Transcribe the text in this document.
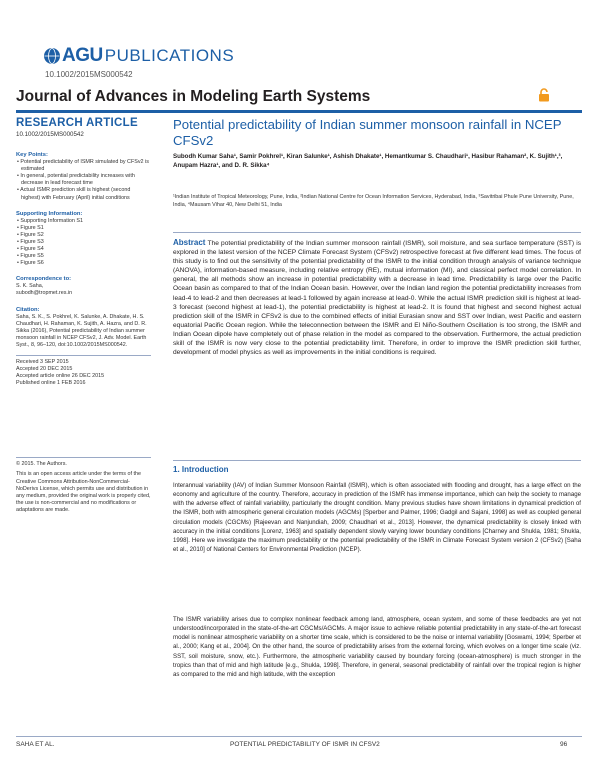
AGU PUBLICATIONS
10.1002/2015MS000542
Journal of Advances in Modeling Earth Systems
RESEARCH ARTICLE
10.1002/2015MS000542
Key Points:
• Potential predictability of ISMR simulated by CFSv2 is estimated
• In general, potential predictability increases with decrease in lead forecast time
• Actual ISMR prediction skill is highest (second highest) with February (April) initial conditions
Supporting Information:
• Supporting Information S1
• Figure S1
• Figure S2
• Figure S3
• Figure S4
• Figure S5
• Figure S6
Correspondence to:
S. K. Saha,
subodh@tropmet.res.in
Citation:
Saha, S. K., S. Pokhrel, K. Salunke, A. Dhakate, H. S. Chaudhari, H. Rahaman, K. Sujith, A. Hazra, and D. R. Sikka (2016), Potential predictability of Indian summer monsoon rainfall in NCEP CFSv2, J. Adv. Model. Earth Syst., 8, 96–120, doi:10.1002/2015MS000542.
Received 3 SEP 2015
Accepted 20 DEC 2015
Accepted article online 26 DEC 2015
Published online 1 FEB 2016
© 2015. The Authors.
This is an open access article under the terms of the Creative Commons Attribution-NonCommercial-NoDerivs License, which permits use and distribution in any medium, provided the original work is properly cited, the use is non-commercial and no modifications or adaptations are made.
Potential predictability of Indian summer monsoon rainfall in NCEP CFSv2
Subodh Kumar Saha¹, Samir Pokhrel¹, Kiran Salunke¹, Ashish Dhakate¹, Hemantkumar S. Chaudhari¹, Hasibur Rahaman², K. Sujith¹,³, Anupam Hazra¹, and D. R. Sikka⁴
¹Indian Institute of Tropical Meteorology, Pune, India, ²Indian National Centre for Ocean Information Services, Hyderabad, India, ³Savitribai Phule Pune University, Pune, India, ⁴Mausam Vihar 40, New Delhi 51, India
Abstract The potential predictability of the Indian summer monsoon rainfall (ISMR), soil moisture, and sea surface temperature (SST) is explored in the latest version of the NCEP Climate Forecast System (CFSv2) retrospective forecast at five different lead times. The focus of this study is to find out the sensitivity of the potential predictability of the ISMR to the initial condition through analysis of variance technique (ANOVA), information-based measure, including relative entropy (RE), mutual information (MI), and classical perfect model correlation. In general, the all methods show an increase in potential predictability with a decrease in lead time. Predictability is large over the Pacific Ocean basin as compared to that of the Indian Ocean basin. However, over the Indian land region the potential predictability increases from lead-4 to lead-2 and then decreases at lead-1 followed by again increase at lead-0. While the actual ISMR prediction skill is highest at lead-3 forecast (second highest at lead-1), the potential predictability is highest at lead-2. It is found that highest and second highest actual prediction skill of the ISMR in CFSv2 is due to the combined effects of initial Eurasian snow and SST over Indian, west Pacific and eastern equatorial Pacific Ocean region. While the teleconnection between the ISMR and El Niño-Southern Oscillation is too strong, the ISMR and Indian Ocean dipole have completely out of phase relation in the model as compared to the observation. Furthermore, the actual prediction skill of the ISMR is now very close to the potential predictability limit. Therefore, in order to improve the ISMR prediction skill further, development of model physics as well as improvements in the initial conditions is required.
1. Introduction
Interannual variability (IAV) of Indian Summer Monsoon Rainfall (ISMR), which is often associated with flooding and drought, has a large effect on the economy and agriculture of the country. Therefore, accuracy in prediction of the ISMR has immense importance, which can help the society to manage with the adverse effect of rainfall variability, particularly the drought condition. Many previous studies have shown limitations in dynamical prediction of the ISMR, both with atmospheric general circulation models (AGCMs) [Sperber and Palmer, 1996; Gadgil and Sajani, 1998] as well as coupled general circulation models (CGCMs) [Rajeevan and Nanjundiah, 2009; Chaudhari et al., 2013]. However, the dynamical predictability is closely linked with accuracy in the initial conditions [Lorenz, 1963] and spatially dependent slowly varying lower boundary conditions [Charney and Shukla, 1981; Shukla, 1998]. Here we investigate the maximum predictability or the potential predictability of the ISMR in Climate Forecast System version 2 (CFSv2) [Saha et al., 2010] of National Centers for Environmental Prediction (NCEP).
The ISMR variability arises due to complex nonlinear feedback among land, atmosphere, ocean system, and some of these feedbacks are yet not understood/incorporated in the state-of-the-art CGCMs/AGCMs. A major issue to achieve reliable potential predictability in any state-of-the-art forecast model is nonlinear atmospheric variability on a shorter time scale, which is considered to be the noise or internal variability [Goswami, 1994; Sperber et al., 2000; Kang et al., 2004]. On the other hand, the source of predictability arises from the external forcing, which evolves on a longer time scale (viz. SST, soil moisture, snow, etc.). Furthermore, the atmospheric variability caused by boundary forcing (ocean-atmosphere) is much stronger in the tropics than that of mid and high latitude [e.g., Shukla, 1998]. Therefore, in general, seasonal predictability of rainfall over the tropical region is higher as compared to the mid and high latitude, with the exception
SAHA ET AL.	POTENTIAL PREDICTABILITY OF ISMR IN CFSV2	96
